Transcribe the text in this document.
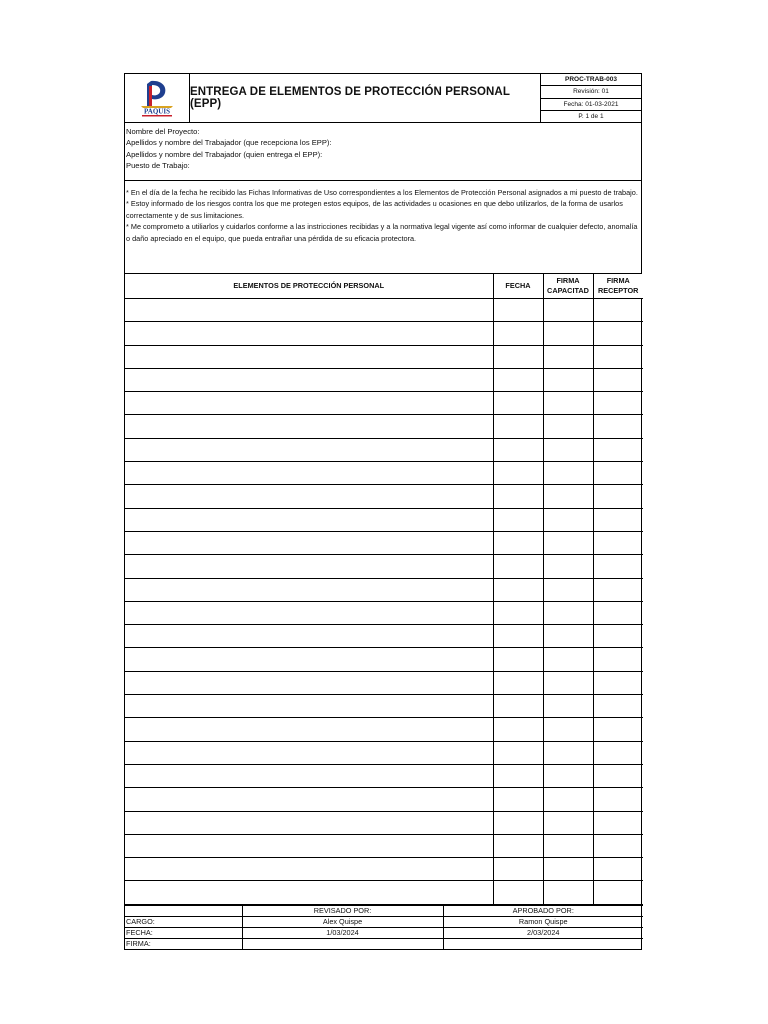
PAQUIS
ENTREGA DE ELEMENTOS DE PROTECCIÓN PERSONAL (EPP)
PROC-TRAB-003
Revisión: 01
Fecha: 01-03-2021
P. 1 de 1
Nombre del Proyecto:
Apellidos y nombre del Trabajador (que recepciona los EPP):
Apellidos y nombre del Trabajador (quien entrega el EPP):
Puesto de Trabajo:
* En el día de la fecha he recibido las Fichas Informativas de Uso correspondientes a los Elementos de Protección Personal asignados a mi puesto de trabajo.
* Estoy informado de los riesgos contra los que me protegen estos equipos, de las actividades u ocasiones en que debo utilizarlos, de la forma de usarlos correctamente y de sus limitaciones.
* Me comprometo a utiliarlos y cuidarlos conforme a las instricciones recibidas y a la normativa legal vigente así como informar de cualquier defecto, anomalía o daño apreciado en el equipo, que pueda entrañar una pérdida de su eficacia protectora.
ELEMENTOS DE PROTECCIÓN PERSONAL	FECHA	FIRMA CAPACITAD	FIRMA RECEPTOR

	REVISADO POR:	APROBADO POR:
CARGO:	Alex Quispe	Ramon Quispe
FECHA:	1/03/2024	2/03/2024
FIRMA:		
